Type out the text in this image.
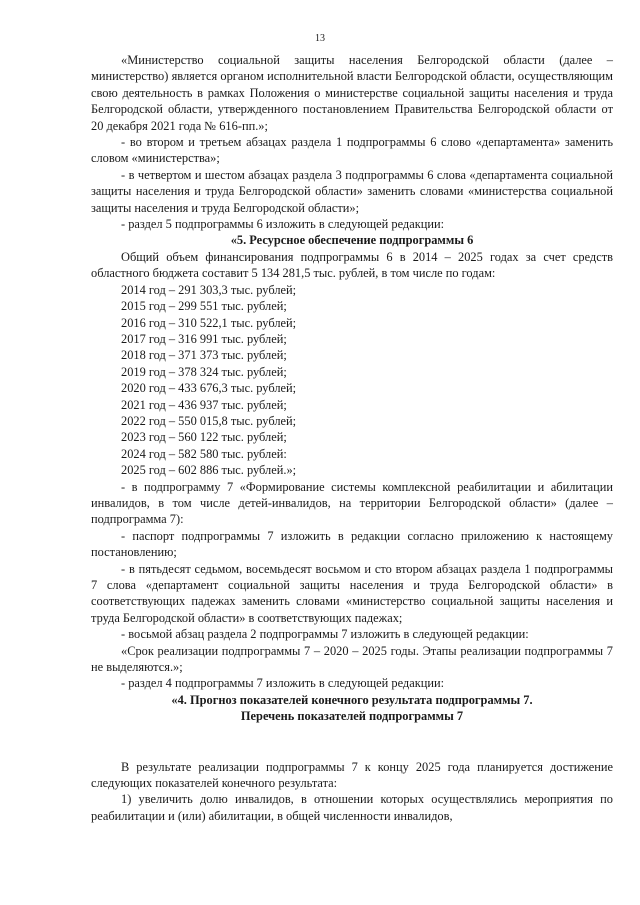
13

«Министерство социальной защиты населения Белгородской области (далее – министерство) является органом исполнительной власти Белгородской области, осуществляющим свою деятельность в рамках Положения о министерстве социальной защиты населения и труда Белгородской области, утвержденного постановлением Правительства Белгородской области от 20 декабря 2021 года № 616-пп.»;

- во втором и третьем абзацах раздела 1 подпрограммы 6 слово «департамента» заменить словом «министерства»;

- в четвертом и шестом абзацах раздела 3 подпрограммы 6 слова «департамента социальной защиты населения и труда Белгородской области» заменить словами «министерства социальной защиты населения и труда Белгородской области»;

- раздел 5 подпрограммы 6 изложить в следующей редакции:

«5. Ресурсное обеспечение подпрограммы 6

Общий объем финансирования подпрограммы 6 в 2014 – 2025 годах за счет средств областного бюджета составит 5 134 281,5 тыс. рублей, в том числе по годам:

2014 год – 291 303,3 тыс. рублей;

2015 год – 299 551 тыс. рублей;

2016 год – 310 522,1 тыс. рублей;

2017 год – 316 991 тыс. рублей;

2018 год – 371 373 тыс. рублей;

2019 год – 378 324 тыс. рублей;

2020 год – 433 676,3 тыс. рублей;

2021 год – 436 937 тыс. рублей;

2022 год – 550 015,8 тыс. рублей;

2023 год – 560 122 тыс. рублей;

2024 год – 582 580 тыс. рублей:

2025 год – 602 886 тыс. рублей.»;

- в подпрограмму 7 «Формирование системы комплексной реабилитации и абилитации инвалидов, в том числе детей-инвалидов, на территории Белгородской области» (далее – подпрограмма 7):

- паспорт подпрограммы 7 изложить в редакции согласно приложению к настоящему постановлению;

- в пятьдесят седьмом, восемьдесят восьмом и сто втором абзацах раздела 1 подпрограммы 7 слова «департамент социальной защиты населения и труда Белгородской области» в соответствующих падежах заменить словами «министерство социальной защиты населения и труда Белгородской области» в соответствующих падежах;

- восьмой абзац раздела 2 подпрограммы 7 изложить в следующей редакции:

«Срок реализации подпрограммы 7 – 2020 – 2025 годы. Этапы реализации подпрограммы 7 не выделяются.»;

- раздел 4 подпрограммы 7 изложить в следующей редакции:

«4. Прогноз показателей конечного результата подпрограммы 7.

Перечень показателей подпрограммы 7

В результате реализации подпрограммы 7 к концу 2025 года планируется достижение следующих показателей конечного результата:

1) увеличить долю инвалидов, в отношении которых осуществлялись мероприятия по реабилитации и (или) абилитации, в общей численности инвалидов,
